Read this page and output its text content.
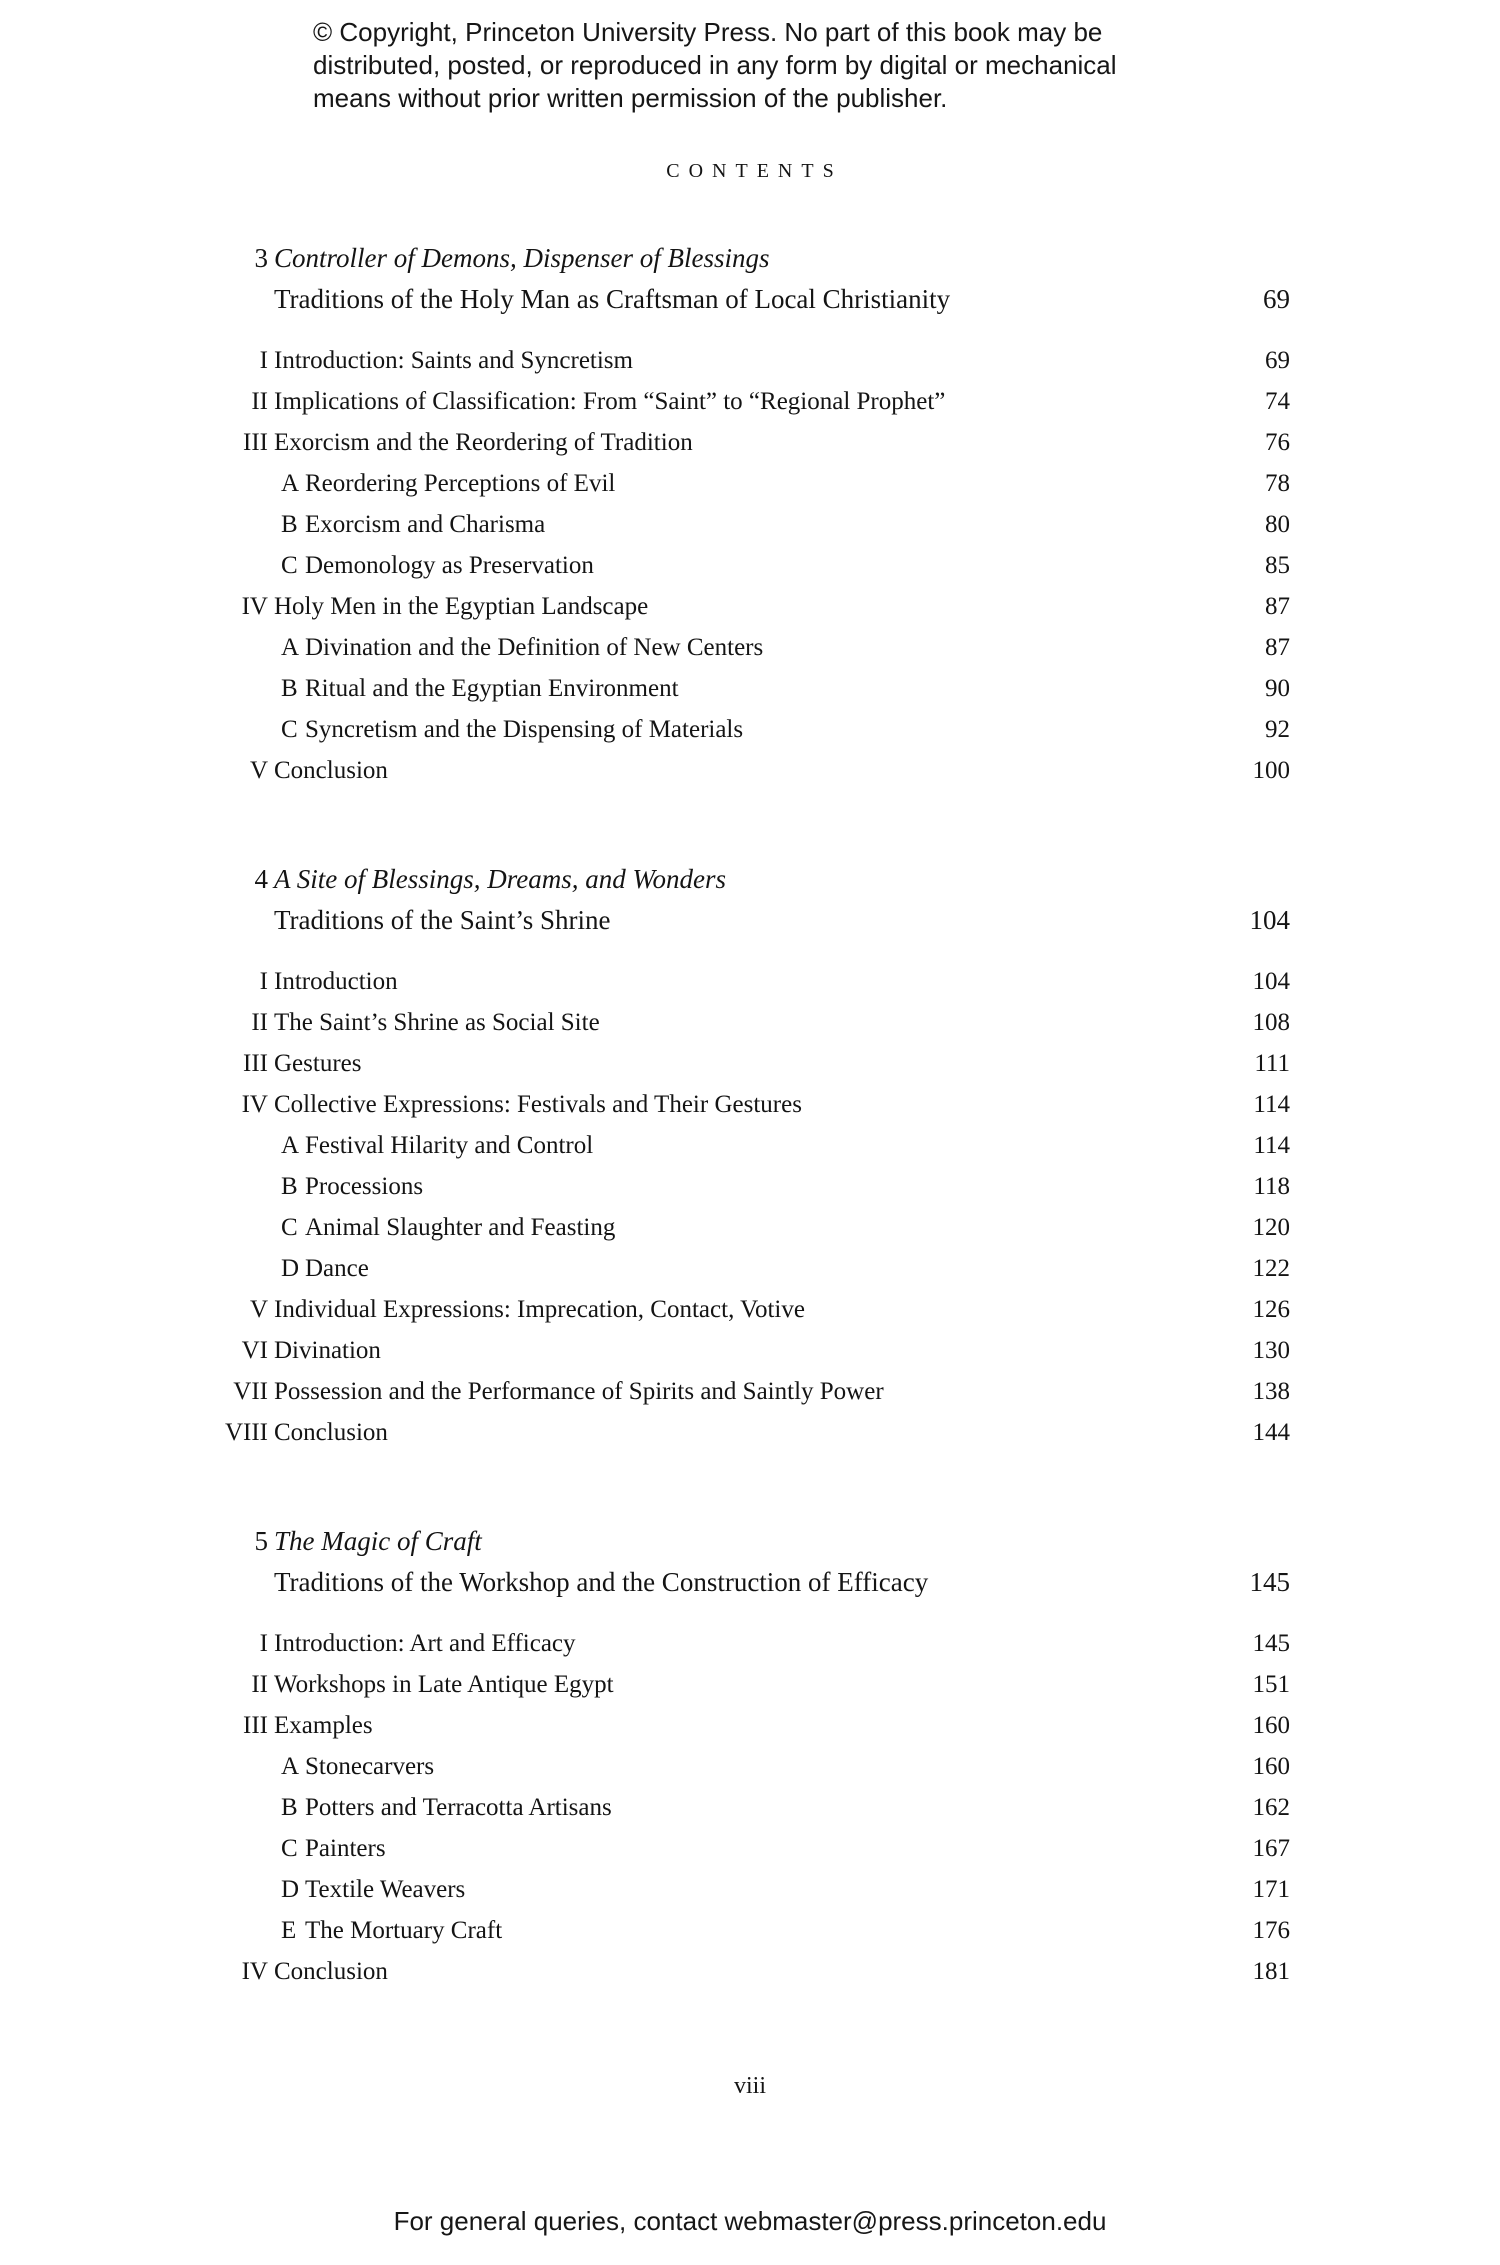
© Copyright, Princeton University Press. No part of this book may be
distributed, posted, or reproduced in any form by digital or mechanical
means without prior written permission of the publisher.
CONTENTS
3 Controller of Demons, Dispenser of Blessings
Traditions of the Holy Man as Craftsman of Local Christianity	69
I Introduction: Saints and Syncretism	69
II Implications of Classification: From “Saint” to “Regional Prophet”	74
III Exorcism and the Reordering of Tradition	76
A Reordering Perceptions of Evil	78
B Exorcism and Charisma	80
C Demonology as Preservation	85
IV Holy Men in the Egyptian Landscape	87
A Divination and the Definition of New Centers	87
B Ritual and the Egyptian Environment	90
C Syncretism and the Dispensing of Materials	92
V Conclusion	100
4 A Site of Blessings, Dreams, and Wonders
Traditions of the Saint’s Shrine	104
I Introduction	104
II The Saint’s Shrine as Social Site	108
III Gestures	111
IV Collective Expressions: Festivals and Their Gestures	114
A Festival Hilarity and Control	114
B Processions	118
C Animal Slaughter and Feasting	120
D Dance	122
V Individual Expressions: Imprecation, Contact, Votive	126
VI Divination	130
VII Possession and the Performance of Spirits and Saintly Power	138
VIII Conclusion	144
5 The Magic of Craft
Traditions of the Workshop and the Construction of Efficacy	145
I Introduction: Art and Efficacy	145
II Workshops in Late Antique Egypt	151
III Examples	160
A Stonecarvers	160
B Potters and Terracotta Artisans	162
C Painters	167
D Textile Weavers	171
E The Mortuary Craft	176
IV Conclusion	181
viii
For general queries, contact webmaster@press.princeton.edu
